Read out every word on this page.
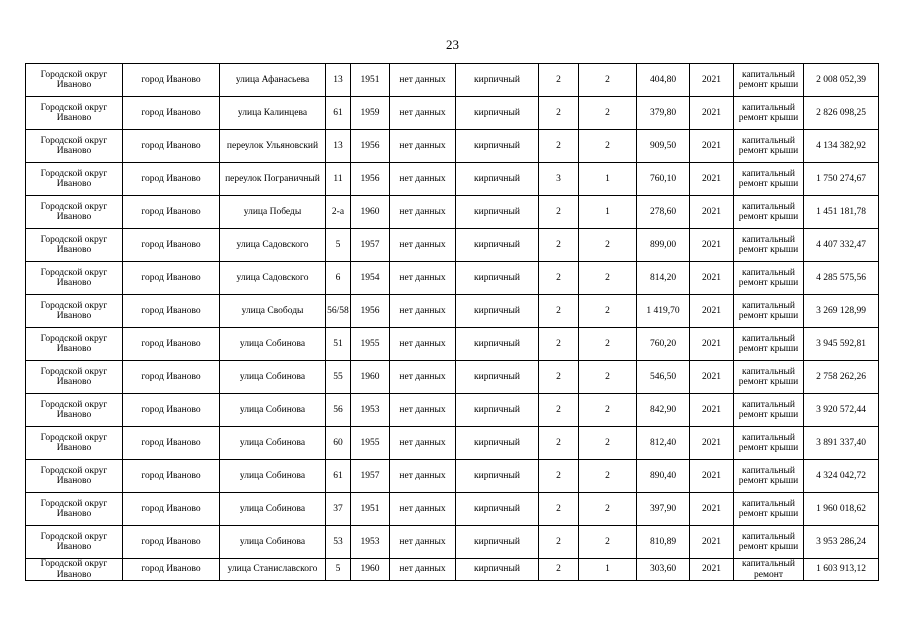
23
Городской округ Иваново	город Иваново	улица Афанасьева	13	1951	нет данных	кирпичный	2	2	404,80	2021	капитальный ремонт крыши	2 008 052,39
Городской округ Иваново	город Иваново	улица Калинцева	61	1959	нет данных	кирпичный	2	2	379,80	2021	капитальный ремонт крыши	2 826 098,25
Городской округ Иваново	город Иваново	переулок Ульяновский	13	1956	нет данных	кирпичный	2	2	909,50	2021	капитальный ремонт крыши	4 134 382,92
Городской округ Иваново	город Иваново	переулок Пограничный	11	1956	нет данных	кирпичный	3	1	760,10	2021	капитальный ремонт крыши	1 750 274,67
Городской округ Иваново	город Иваново	улица Победы	2-а	1960	нет данных	кирпичный	2	1	278,60	2021	капитальный ремонт крыши	1 451 181,78
Городской округ Иваново	город Иваново	улица Садовского	5	1957	нет данных	кирпичный	2	2	899,00	2021	капитальный ремонт крыши	4 407 332,47
Городской округ Иваново	город Иваново	улица Садовского	6	1954	нет данных	кирпичный	2	2	814,20	2021	капитальный ремонт крыши	4 285 575,56
Городской округ Иваново	город Иваново	улица Свободы	56/58	1956	нет данных	кирпичный	2	2	1 419,70	2021	капитальный ремонт крыши	3 269 128,99
Городской округ Иваново	город Иваново	улица Собинова	51	1955	нет данных	кирпичный	2	2	760,20	2021	капитальный ремонт крыши	3 945 592,81
Городской округ Иваново	город Иваново	улица Собинова	55	1960	нет данных	кирпичный	2	2	546,50	2021	капитальный ремонт крыши	2 758 262,26
Городской округ Иваново	город Иваново	улица Собинова	56	1953	нет данных	кирпичный	2	2	842,90	2021	капитальный ремонт крыши	3 920 572,44
Городской округ Иваново	город Иваново	улица Собинова	60	1955	нет данных	кирпичный	2	2	812,40	2021	капитальный ремонт крыши	3 891 337,40
Городской округ Иваново	город Иваново	улица Собинова	61	1957	нет данных	кирпичный	2	2	890,40	2021	капитальный ремонт крыши	4 324 042,72
Городской округ Иваново	город Иваново	улица Собинова	37	1951	нет данных	кирпичный	2	2	397,90	2021	капитальный ремонт крыши	1 960 018,62
Городской округ Иваново	город Иваново	улица Собинова	53	1953	нет данных	кирпичный	2	2	810,89	2021	капитальный ремонт крыши	3 953 286,24
Городской округ Иваново	город Иваново	улица Станиславского	5	1960	нет данных	кирпичный	2	1	303,60	2021	капитальный ремонт	1 603 913,12
